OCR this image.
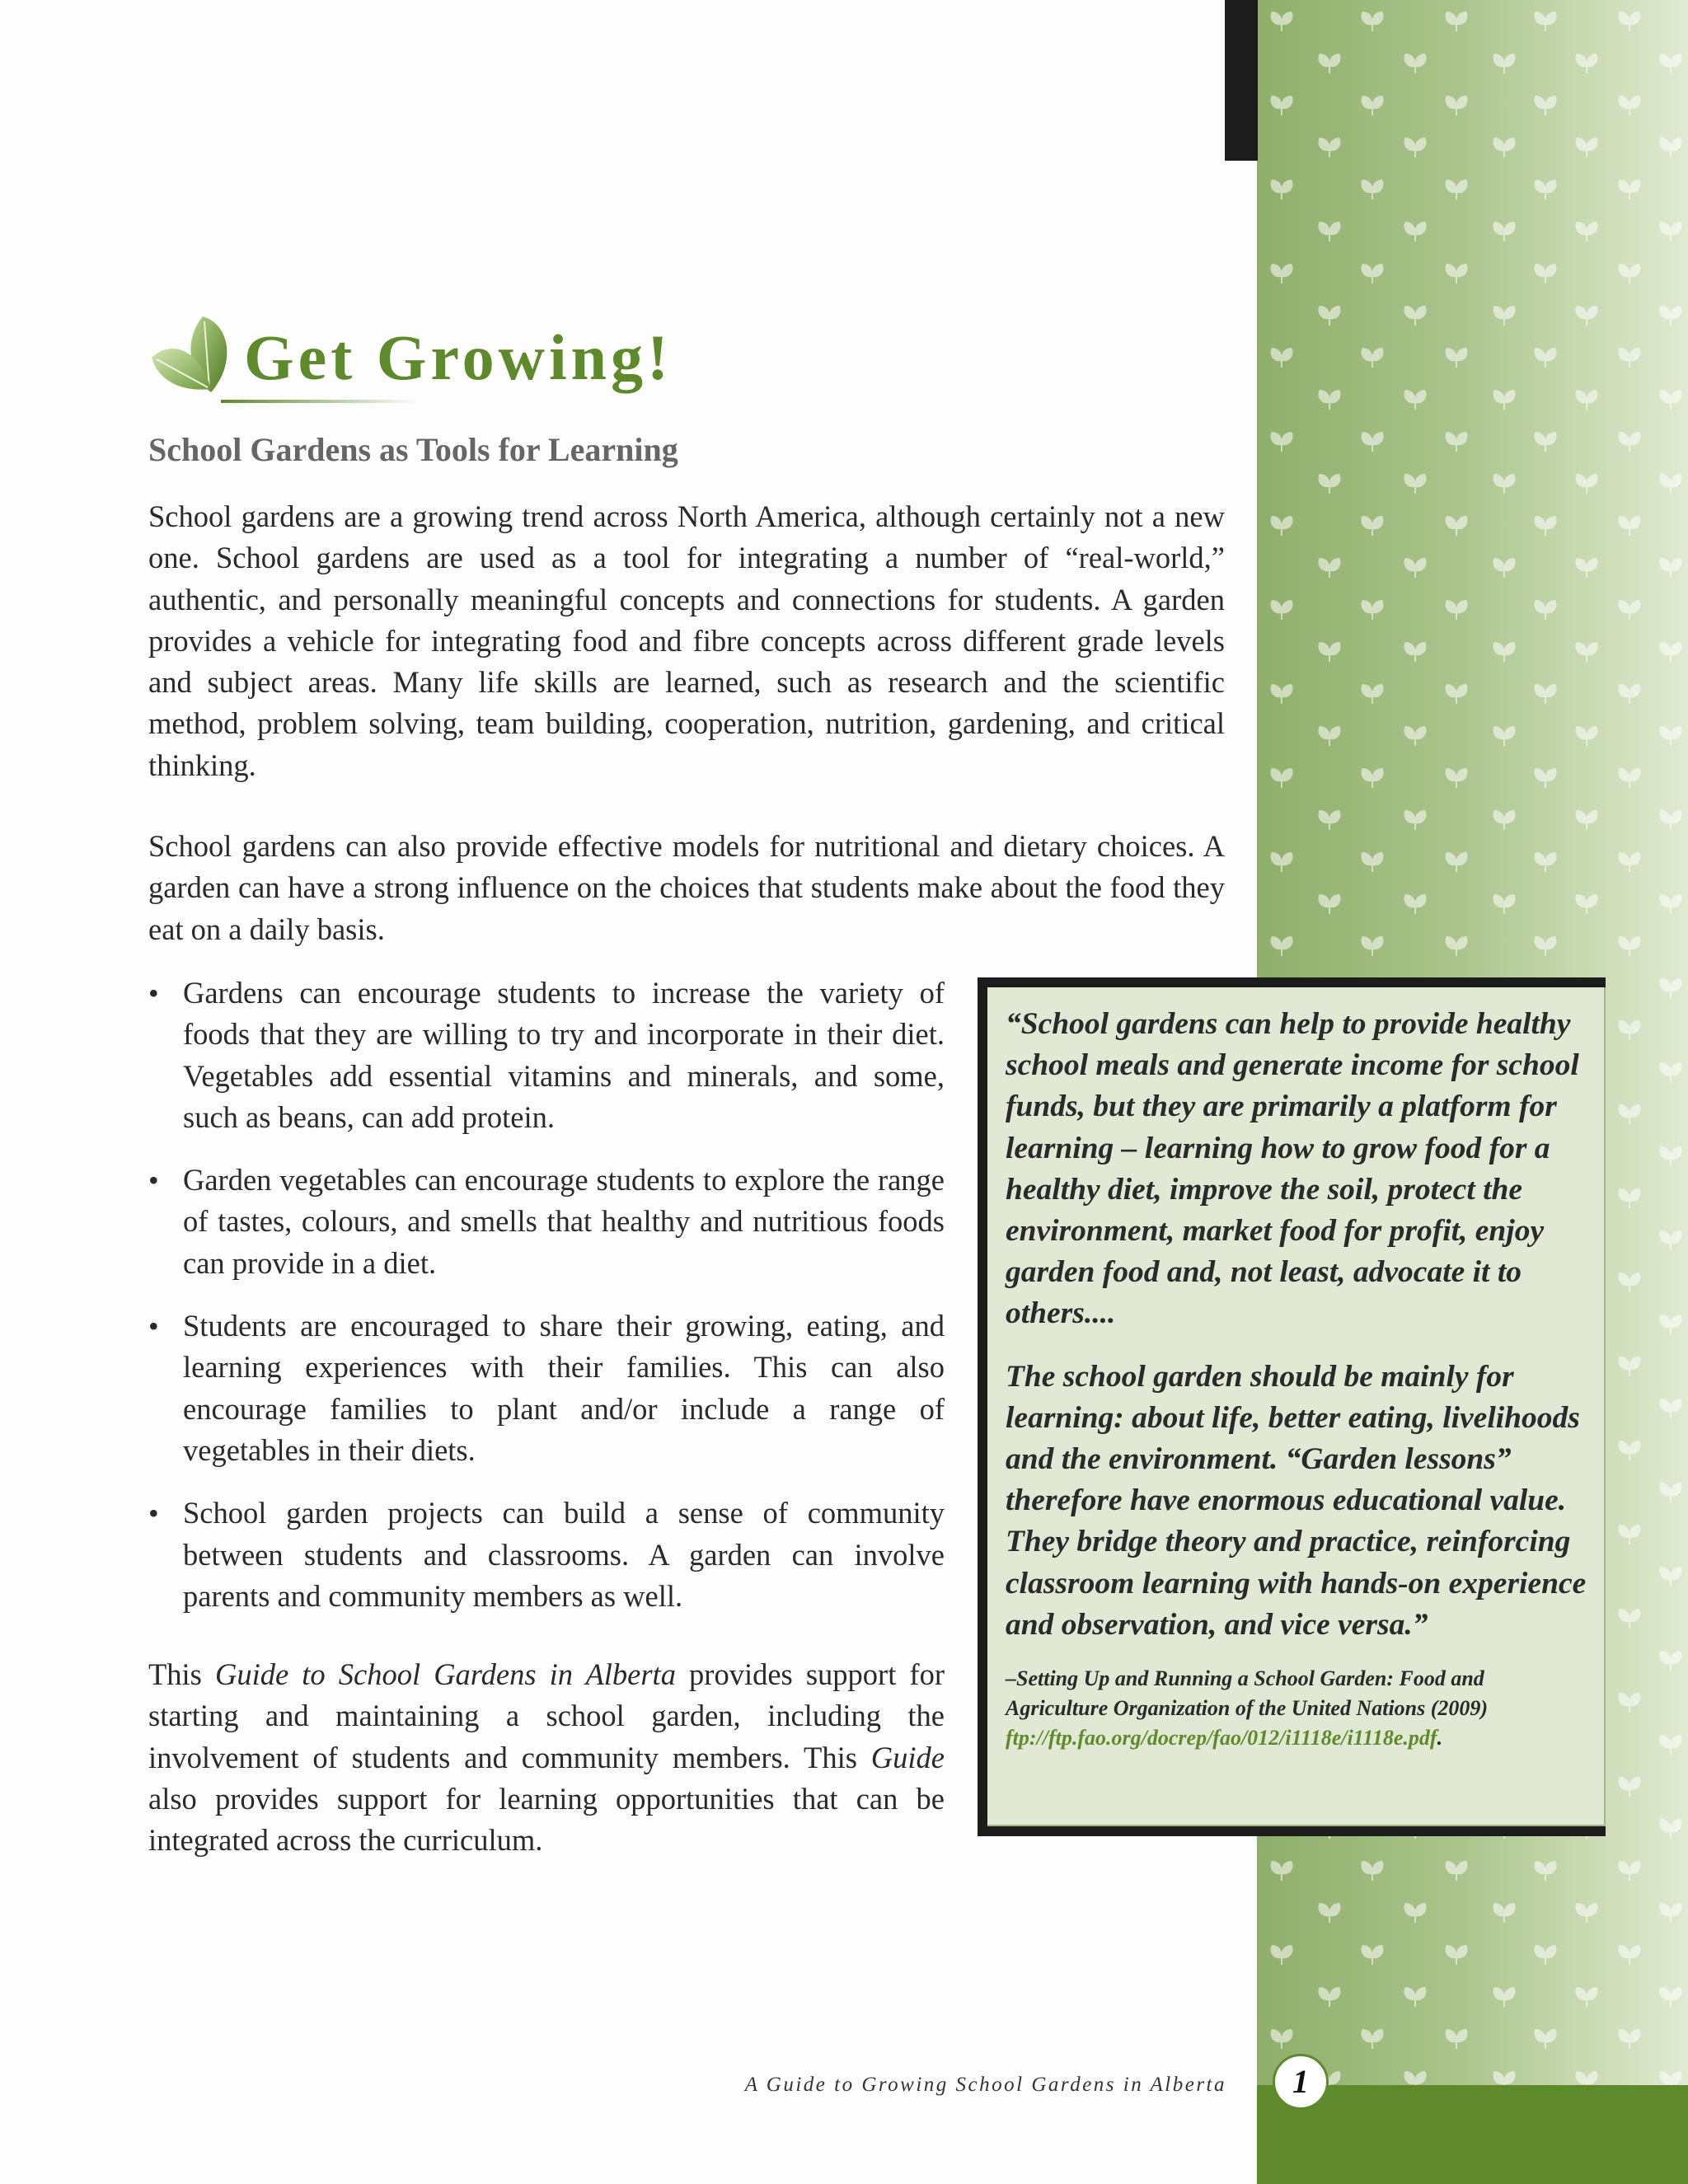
Get Growing!
School Gardens as Tools for Learning

School gardens are a growing trend across North America, although certainly not a new one. School gardens are used as a tool for integrating a number of “real-world,” authentic, and personally meaningful concepts and connections for students. A garden provides a vehicle for integrating food and fibre concepts across different grade levels and subject areas. Many life skills are learned, such as research and the scientific method, problem solving, team building, cooperation, nutrition, gardening, and critical thinking.

School gardens can also provide effective models for nutritional and dietary choices. A garden can have a strong influence on the choices that students make about the food they eat on a daily basis.

• Gardens can encourage students to increase the variety of foods that they are willing to try and incorporate in their diet. Vegetables add essential vitamins and minerals, and some, such as beans, can add protein.
• Garden vegetables can encourage students to explore the range of tastes, colours, and smells that healthy and nutritious foods can provide in a diet.
• Students are encouraged to share their growing, eating, and learning experiences with their families. This can also encourage families to plant and/or include a range of vegetables in their diets.
• School garden projects can build a sense of community between students and classrooms. A garden can involve parents and community members as well.

This Guide to School Gardens in Alberta provides support for starting and maintaining a school garden, including the involvement of students and community members. This Guide also provides support for learning opportunities that can be integrated across the curriculum.

“School gardens can help to provide healthy school meals and generate income for school funds, but they are primarily a platform for learning – learning how to grow food for a healthy diet, improve the soil, protect the environment, market food for profit, enjoy garden food and, not least, advocate it to others....

The school garden should be mainly for learning: about life, better eating, livelihoods and the environment. “Garden lessons” therefore have enormous educational value. They bridge theory and practice, reinforcing classroom learning with hands-on experience and observation, and vice versa.”

–Setting Up and Running a School Garden: Food and Agriculture Organization of the United Nations (2009)
ftp://ftp.fao.org/docrep/fao/012/i1118e/i1118e.pdf.

A Guide to Growing School Gardens in Alberta	1
